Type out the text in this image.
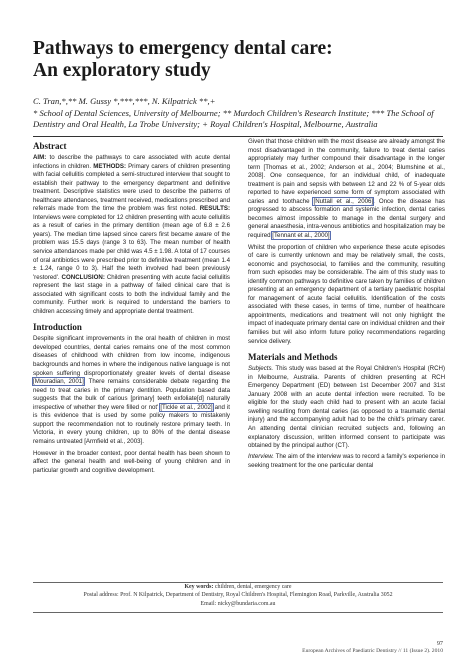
Pathways to emergency dental care:
An exploratory study
C. Tran,*,** M. Gussy *,***,***, N. Kilpatrick **,+
* School of Dental Sciences, University of Melbourne; ** Murdoch Children's Research Institute; *** The School of
Dentistry and Oral Health, La Trobe University; + Royal Children's Hospital, Melbourne, Australia
Abstract

AIM: to describe the pathways to care associated with acute dental infections in children. METHODS: Primary carers of children presenting with facial cellulitis completed a semi-structured interview that sought to establish their pathway to the emergency department and definitive treatment. Descriptive statistics were used to describe the patterns of healthcare attendances, treatment received, medications prescribed and referrals made from the time the problem was first noted. RESULTS: Interviews were completed for 12 children presenting with acute cellulitis as a result of caries in the primary dentition (mean age of 6.8 ± 2.6 years). The median time lapsed since carers first became aware of the problem was 15.5 days (range 3 to 63). The mean number of health service attendances made per child was 4.5 ± 1.98. A total of 17 courses of oral antibiotics were prescribed prior to definitive treatment (mean 1.4 ± 1.24, range 0 to 3). Half the teeth involved had been previously 'restored'. CONCLUSION: Children presenting with acute facial cellulitis represent the last stage in a pathway of failed clinical care that is associated with significant costs to both the individual family and the community. Further work is required to understand the barriers to children accessing timely and appropriate dental treatment.

Introduction

Despite significant improvements in the oral health of children in most developed countries, dental caries remains one of the most common diseases of childhood with children from low income, indigenous backgrounds and homes in where the indigenous native language is not spoken suffering disproportionately greater levels of dental disease [Mouradian, 2001]. There remains considerable debate regarding the need to treat caries in the primary dentition. Population based data suggests that the bulk of carious [primary] teeth exfoliate[d] naturally irrespective of whether they were filled or not' [Tickle et al., 2002] and it is this evidence that is used by some policy makers to mistakenly support the recommendation not to routinely restore primary teeth. In Victoria, in every young children, up to 80% of the dental disease remains untreated [Armfield et al., 2003].

However in the broader context, poor dental health has been shown to affect the general health and well-being of young children and in particular growth and cognitive development.

Given that those children with the most disease are already amongst the most disadvantaged in the community, failure to treat dental caries appropriately may further compound their disadvantage in the longer term [Thomas et al., 2002; Anderson et al., 2004; Blumshine et al., 2008]. One consequence, for an individual child, of inadequate treatment is pain and sepsis with between 12 and 22 % of 5-year olds reported to have experienced some form of symptom associated with caries and toothache [Nuttall et al., 2006]. Once the disease has progressed to abscess formation and systemic infection, dental caries becomes almost impossible to manage in the dental surgery and general anaesthesia, intra-venous antibiotics and hospitalization may be required [Tennant et al., 2000].

Whilst the proportion of children who experience these acute episodes of care is currently unknown and may be relatively small, the costs, economic and psychosocial, to families and the community, resulting from such episodes may be considerable. The aim of this study was to identify common pathways to definitive care taken by families of children presenting at an emergency department of a tertiary paediatric hospital for management of acute facial cellulitis. Identification of the costs associated with these cases, in terms of time, number of healthcare appointments, medications and treatment will not only highlight the impact of inadequate primary dental care on individual children and their families but will also inform future policy recommendations regarding service delivery.

Materials and Methods

Subjects. This study was based at the Royal Children's Hospital (RCH) in Melbourne, Australia. Parents of children presenting at RCH Emergency Department (ED) between 1st December 2007 and 31st January 2008 with an acute dental infection were recruited. To be eligible for the study each child had to present with an acute facial swelling resulting from dental caries (as opposed to a traumatic dental injury) and the accompanying adult had to be the child's primary carer. An attending dental clinician recruited subjects and, following an explanatory discussion, written informed consent to participate was obtained by the principal author (CT).

Interview. The aim of the interview was to record a family's experience in seeking treatment for the one particular dental

Key words: children, dental, emergency care
Postal address: Prof. N Kilpatrick, Department of Dentistry, Royal Children's Hospital, Flemington Road, Parkville, Australia 3052
Email: nicky@bundaria.com.au
97
European Archives of Paediatric Dentistry // 11 (Issue 2). 2010
